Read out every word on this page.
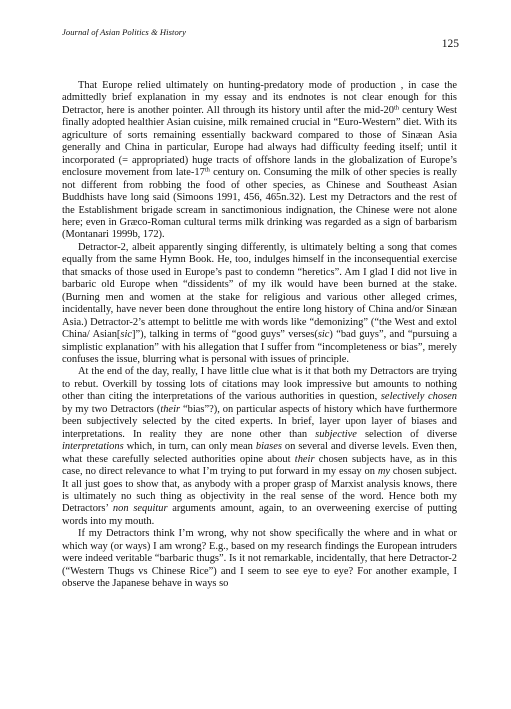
Journal of Asian Politics & History
125

That Europe relied ultimately on hunting-predatory mode of production , in case the admittedly brief explanation in my essay and its endnotes is not clear enough for this Detractor, here is another pointer. All through its history until after the mid-20th century West finally adopted healthier Asian cuisine, milk remained crucial in “Euro-Western” diet. With its agriculture of sorts remaining essentially backward compared to those of Sinæan Asia generally and China in particular, Europe had always had difficulty feeding itself; until it incorporated (= appropriated) huge tracts of offshore lands in the globalization of Europe’s enclosure movement from late-17th century on. Consuming the milk of other species is really not different from robbing the food of other species, as Chinese and Southeast Asian Buddhists have long said (Simoons 1991, 456, 465n.32). Lest my Detractors and the rest of the Establishment brigade scream in sanctimonious indignation, the Chinese were not alone here; even in Græco-Roman cultural terms milk drinking was regarded as a sign of barbarism (Montanari 1999b, 172).

Detractor-2, albeit apparently singing differently, is ultimately belting a song that comes equally from the same Hymn Book. He, too, indulges himself in the inconsequential exercise that smacks of those used in Europe’s past to condemn “heretics”. Am I glad I did not live in barbaric old Europe when “dissidents” of my ilk would have been burned at the stake. (Burning men and women at the stake for religious and various other alleged crimes, incidentally, have never been done throughout the entire long history of China and/or Sinæan Asia.) Detractor-2’s attempt to belittle me with words like “demonizing” (“the West and extol China/ Asian[sic]”), talking in terms of “good guys” verses(sic) “bad guys”, and “pursuing a simplistic explanation” with his allegation that I suffer from “incompleteness or bias”, merely confuses the issue, blurring what is personal with issues of principle.

At the end of the day, really, I have little clue what is it that both my Detractors are trying to rebut. Overkill by tossing lots of citations may look impressive but amounts to nothing other than citing the interpretations of the various authorities in question, selectively chosen by my two Detractors (their “bias”?), on particular aspects of history which have furthermore been subjectively selected by the cited experts. In brief, layer upon layer of biases and interpretations. In reality they are none other than subjective selection of diverse interpretations which, in turn, can only mean biases on several and diverse levels. Even then, what these carefully selected authorities opine about their chosen subjects have, as in this case, no direct relevance to what I’m trying to put forward in my essay on my chosen subject. It all just goes to show that, as anybody with a proper grasp of Marxist analysis knows, there is ultimately no such thing as objectivity in the real sense of the word. Hence both my Detractors’ non sequitur arguments amount, again, to an overweening exercise of putting words into my mouth.

If my Detractors think I’m wrong, why not show specifically the where and in what or which way (or ways) I am wrong? E.g., based on my research findings the European intruders were indeed veritable “barbaric thugs”. Is it not remarkable, incidentally, that here Detractor-2 (“Western Thugs vs Chinese Rice”) and I seem to see eye to eye? For another example, I observe the Japanese behave in ways so
